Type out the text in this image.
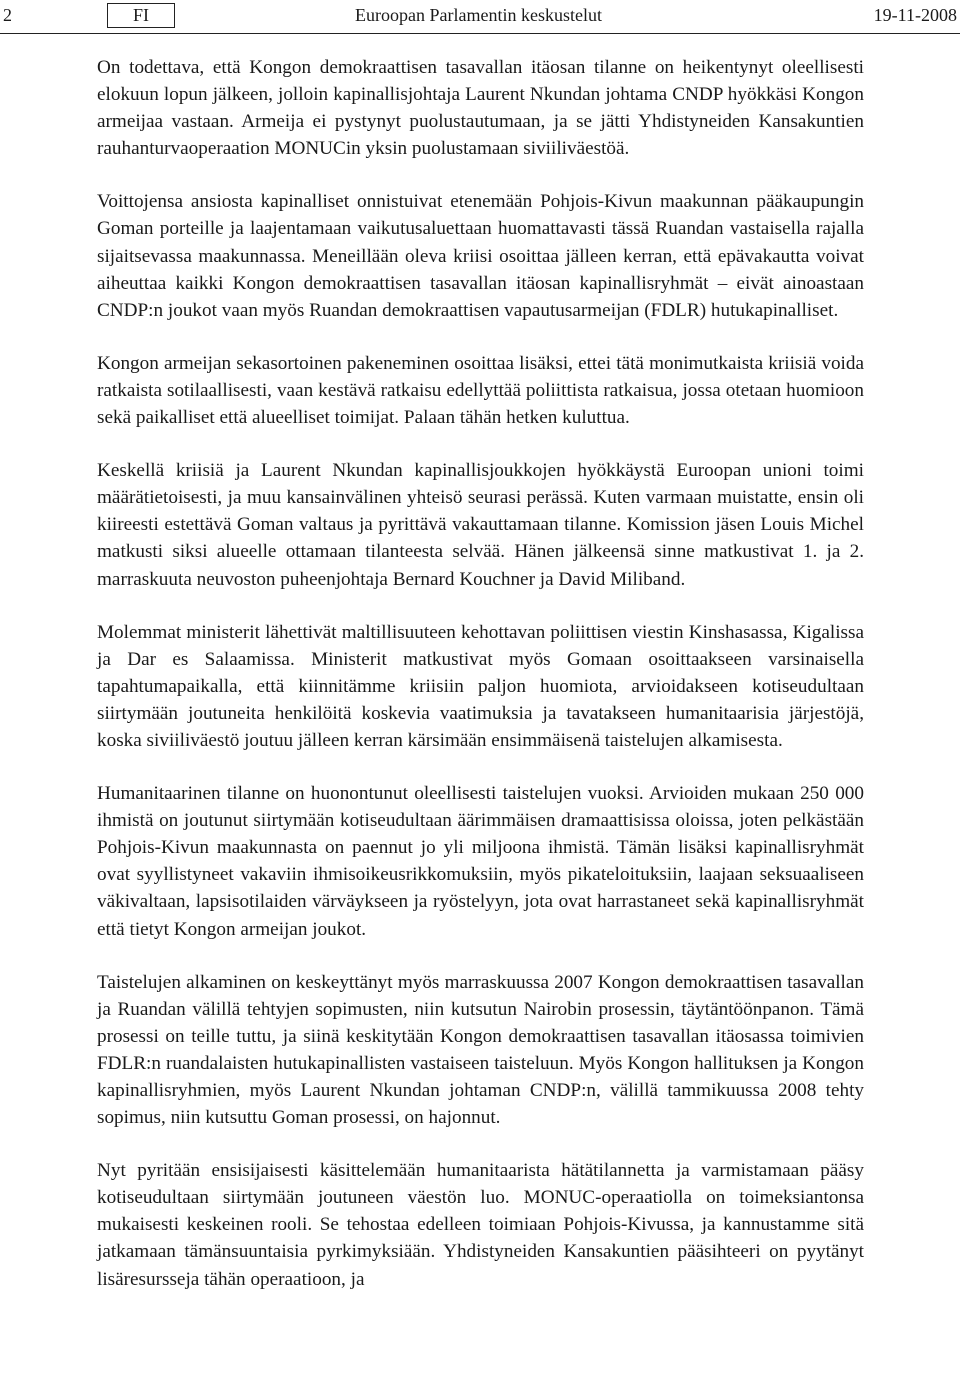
2	FI	Euroopan Parlamentin keskustelut	19-11-2008

On todettava, että Kongon demokraattisen tasavallan itäosan tilanne on heikentynyt oleellisesti elokuun lopun jälkeen, jolloin kapinallisjohtaja Laurent Nkundan johtama CNDP hyökkäsi Kongon armeijaa vastaan. Armeija ei pystynyt puolustautumaan, ja se jätti Yhdistyneiden Kansakuntien rauhanturvaoperaation MONUCin yksin puolustamaan siviiliväestöä.

Voittojensa ansiosta kapinalliset onnistuivat etenemään Pohjois-Kivun maakunnan pääkaupungin Goman porteille ja laajentamaan vaikutusaluettaan huomattavasti tässä Ruandan vastaisella rajalla sijaitsevassa maakunnassa. Meneillään oleva kriisi osoittaa jälleen kerran, että epävakautta voivat aiheuttaa kaikki Kongon demokraattisen tasavallan itäosan kapinallisryhmät – eivät ainoastaan CNDP:n joukot vaan myös Ruandan demokraattisen vapautusarmeijan (FDLR) hutukapinalliset.

Kongon armeijan sekasortoinen pakeneminen osoittaa lisäksi, ettei tätä monimutkaista kriisiä voida ratkaista sotilaallisesti, vaan kestävä ratkaisu edellyttää poliittista ratkaisua, jossa otetaan huomioon sekä paikalliset että alueelliset toimijat. Palaan tähän hetken kuluttua.

Keskellä kriisiä ja Laurent Nkundan kapinallisjoukkojen hyökkäystä Euroopan unioni toimi määrätietoisesti, ja muu kansainvälinen yhteisö seurasi perässä. Kuten varmaan muistatte, ensin oli kiireesti estettävä Goman valtaus ja pyrittävä vakauttamaan tilanne. Komission jäsen Louis Michel matkusti siksi alueelle ottamaan tilanteesta selvää. Hänen jälkeensä sinne matkustivat 1. ja 2. marraskuuta neuvoston puheenjohtaja Bernard Kouchner ja David Miliband.

Molemmat ministerit lähettivät maltillisuuteen kehottavan poliittisen viestin Kinshasassa, Kigalissa ja Dar es Salaamissa. Ministerit matkustivat myös Gomaan osoittaakseen varsinaisella tapahtumapaikalla, että kiinnitämme kriisiin paljon huomiota, arvioidakseen kotiseudultaan siirtymään joutuneita henkilöitä koskevia vaatimuksia ja tavatakseen humanitaarisia järjestöjä, koska siviiliväestö joutuu jälleen kerran kärsimään ensimmäisenä taistelujen alkamisesta.

Humanitaarinen tilanne on huonontunut oleellisesti taistelujen vuoksi. Arvioiden mukaan 250 000 ihmistä on joutunut siirtymään kotiseudultaan äärimmäisen dramaattisissa oloissa, joten pelkästään Pohjois-Kivun maakunnasta on paennut jo yli miljoona ihmistä. Tämän lisäksi kapinallisryhmät ovat syyllistyneet vakaviin ihmisoikeusrikkomuksiin, myös pikateloituksiin, laajaan seksuaaliseen väkivaltaan, lapsisotilaiden värväykseen ja ryöstelyyn, jota ovat harrastaneet sekä kapinallisryhmät että tietyt Kongon armeijan joukot.

Taistelujen alkaminen on keskeyttänyt myös marraskuussa 2007 Kongon demokraattisen tasavallan ja Ruandan välillä tehtyjen sopimusten, niin kutsutun Nairobin prosessin, täytäntöönpanon. Tämä prosessi on teille tuttu, ja siinä keskitytään Kongon demokraattisen tasavallan itäosassa toimivien FDLR:n ruandalaisten hutukapinallisten vastaiseen taisteluun. Myös Kongon hallituksen ja Kongon kapinallisryhmien, myös Laurent Nkundan johtaman CNDP:n, välillä tammikuussa 2008 tehty sopimus, niin kutsuttu Goman prosessi, on hajonnut.

Nyt pyritään ensisijaisesti käsittelemään humanitaarista hätätilannetta ja varmistamaan pääsy kotiseudultaan siirtymään joutuneen väestön luo. MONUC-operaatiolla on toimeksiantonsa mukaisesti keskeinen rooli. Se tehostaa edelleen toimiaan Pohjois-Kivussa, ja kannustamme sitä jatkamaan tämänsuuntaisia pyrkimyksiään. Yhdistyneiden Kansakuntien pääsihteeri on pyytänyt lisäresursseja tähän operaatioon, ja
